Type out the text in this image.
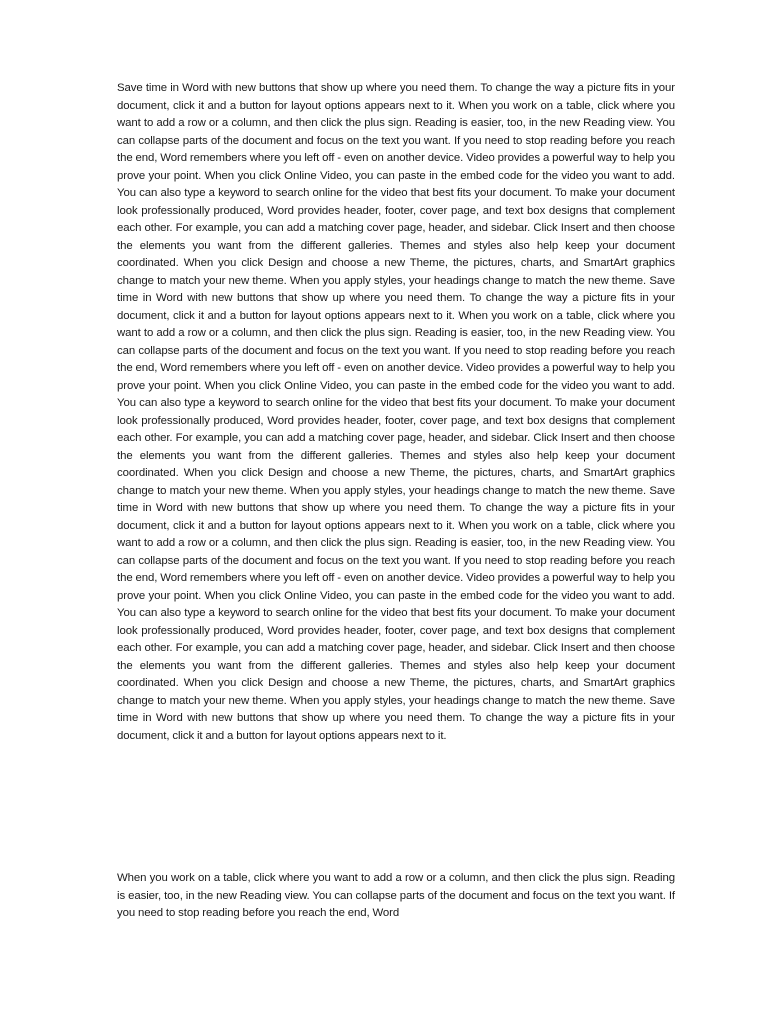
Save time in Word with new buttons that show up where you need them. To change the way a picture fits in your document, click it and a button for layout options appears next to it. When you work on a table, click where you want to add a row or a column, and then click the plus sign. Reading is easier, too, in the new Reading view. You can collapse parts of the document and focus on the text you want. If you need to stop reading before you reach the end, Word remembers where you left off - even on another device. Video provides a powerful way to help you prove your point. When you click Online Video, you can paste in the embed code for the video you want to add. You can also type a keyword to search online for the video that best fits your document. To make your document look professionally produced, Word provides header, footer, cover page, and text box designs that complement each other. For example, you can add a matching cover page, header, and sidebar. Click Insert and then choose the elements you want from the different galleries. Themes and styles also help keep your document coordinated. When you click Design and choose a new Theme, the pictures, charts, and SmartArt graphics change to match your new theme. When you apply styles, your headings change to match the new theme. Save time in Word with new buttons that show up where you need them. To change the way a picture fits in your document, click it and a button for layout options appears next to it. When you work on a table, click where you want to add a row or a column, and then click the plus sign. Reading is easier, too, in the new Reading view. You can collapse parts of the document and focus on the text you want. If you need to stop reading before you reach the end, Word remembers where you left off - even on another device. Video provides a powerful way to help you prove your point. When you click Online Video, you can paste in the embed code for the video you want to add. You can also type a keyword to search online for the video that best fits your document. To make your document look professionally produced, Word provides header, footer, cover page, and text box designs that complement each other. For example, you can add a matching cover page, header, and sidebar. Click Insert and then choose the elements you want from the different galleries. Themes and styles also help keep your document coordinated. When you click Design and choose a new Theme, the pictures, charts, and SmartArt graphics change to match your new theme. When you apply styles, your headings change to match the new theme. Save time in Word with new buttons that show up where you need them. To change the way a picture fits in your document, click it and a button for layout options appears next to it. When you work on a table, click where you want to add a row or a column, and then click the plus sign. Reading is easier, too, in the new Reading view. You can collapse parts of the document and focus on the text you want. If you need to stop reading before you reach the end, Word remembers where you left off - even on another device. Video provides a powerful way to help you prove your point. When you click Online Video, you can paste in the embed code for the video you want to add. You can also type a keyword to search online for the video that best fits your document. To make your document look professionally produced, Word provides header, footer, cover page, and text box designs that complement each other. For example, you can add a matching cover page, header, and sidebar. Click Insert and then choose the elements you want from the different galleries. Themes and styles also help keep your document coordinated. When you click Design and choose a new Theme, the pictures, charts, and SmartArt graphics change to match your new theme. When you apply styles, your headings change to match the new theme. Save time in Word with new buttons that show up where you need them. To change the way a picture fits in your document, click it and a button for layout options appears next to it.

When you work on a table, click where you want to add a row or a column, and then click the plus sign. Reading is easier, too, in the new Reading view. You can collapse parts of the document and focus on the text you want. If you need to stop reading before you reach the end, Word
